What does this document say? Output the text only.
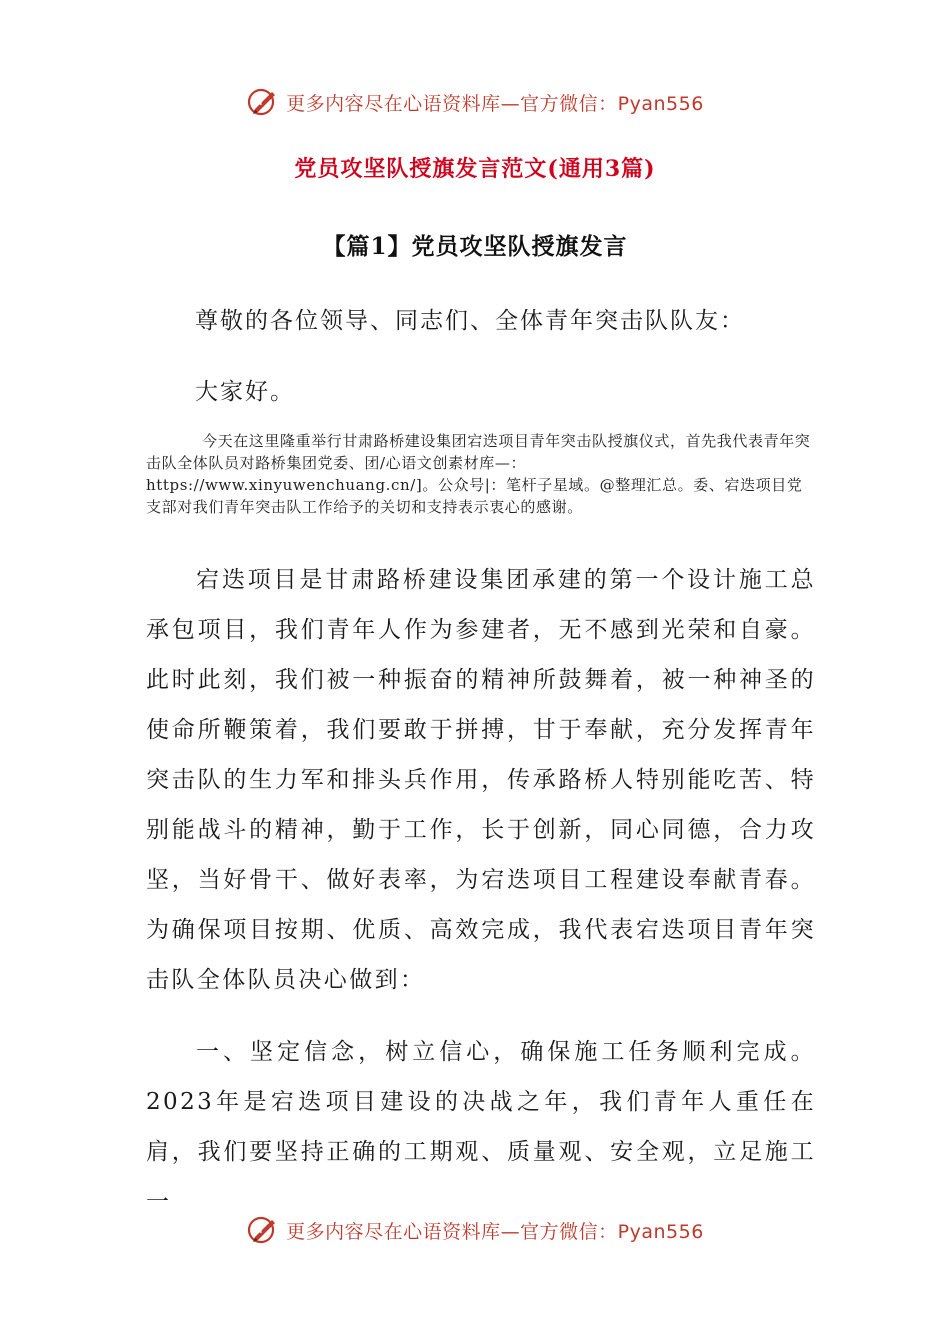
更多内容尽在心语资料库—官方微信：Pyan556
党员攻坚队授旗发言范文(通用3篇)
【篇1】党员攻坚队授旗发言
尊敬的各位领导、同志们、全体青年突击队队友：
大家好。

今天在这里隆重举行甘肃路桥建设集团宕迭项目青年突击队授旗仪式，首先我代表青年突击队全体队员对路桥集团党委、团/心语文创素材库—：https://www.xinyuwenchuang.cn/]。公众号|：笔杆子星域。@整理汇总。委、宕迭项目党支部对我们青年突击队工作给予的关切和支持表示衷心的感谢。

宕迭项目是甘肃路桥建设集团承建的第一个设计施工总承包项目，我们青年人作为参建者，无不感到光荣和自豪。此时此刻，我们被一种振奋的精神所鼓舞着，被一种神圣的使命所鞭策着，我们要敢于拼搏，甘于奉献，充分发挥青年突击队的生力军和排头兵作用，传承路桥人特别能吃苦、特别能战斗的精神，勤于工作，长于创新，同心同德，合力攻坚，当好骨干、做好表率，为宕迭项目工程建设奉献青春。为确保项目按期、优质、高效完成，我代表宕迭项目青年突击队全体队员决心做到：

一、坚定信念，树立信心，确保施工任务顺利完成。2023年是宕迭项目建设的决战之年，我们青年人重任在肩，我们要坚持正确的工期观、质量观、安全观，立足施工一

更多内容尽在心语资料库—官方微信：Pyan556
